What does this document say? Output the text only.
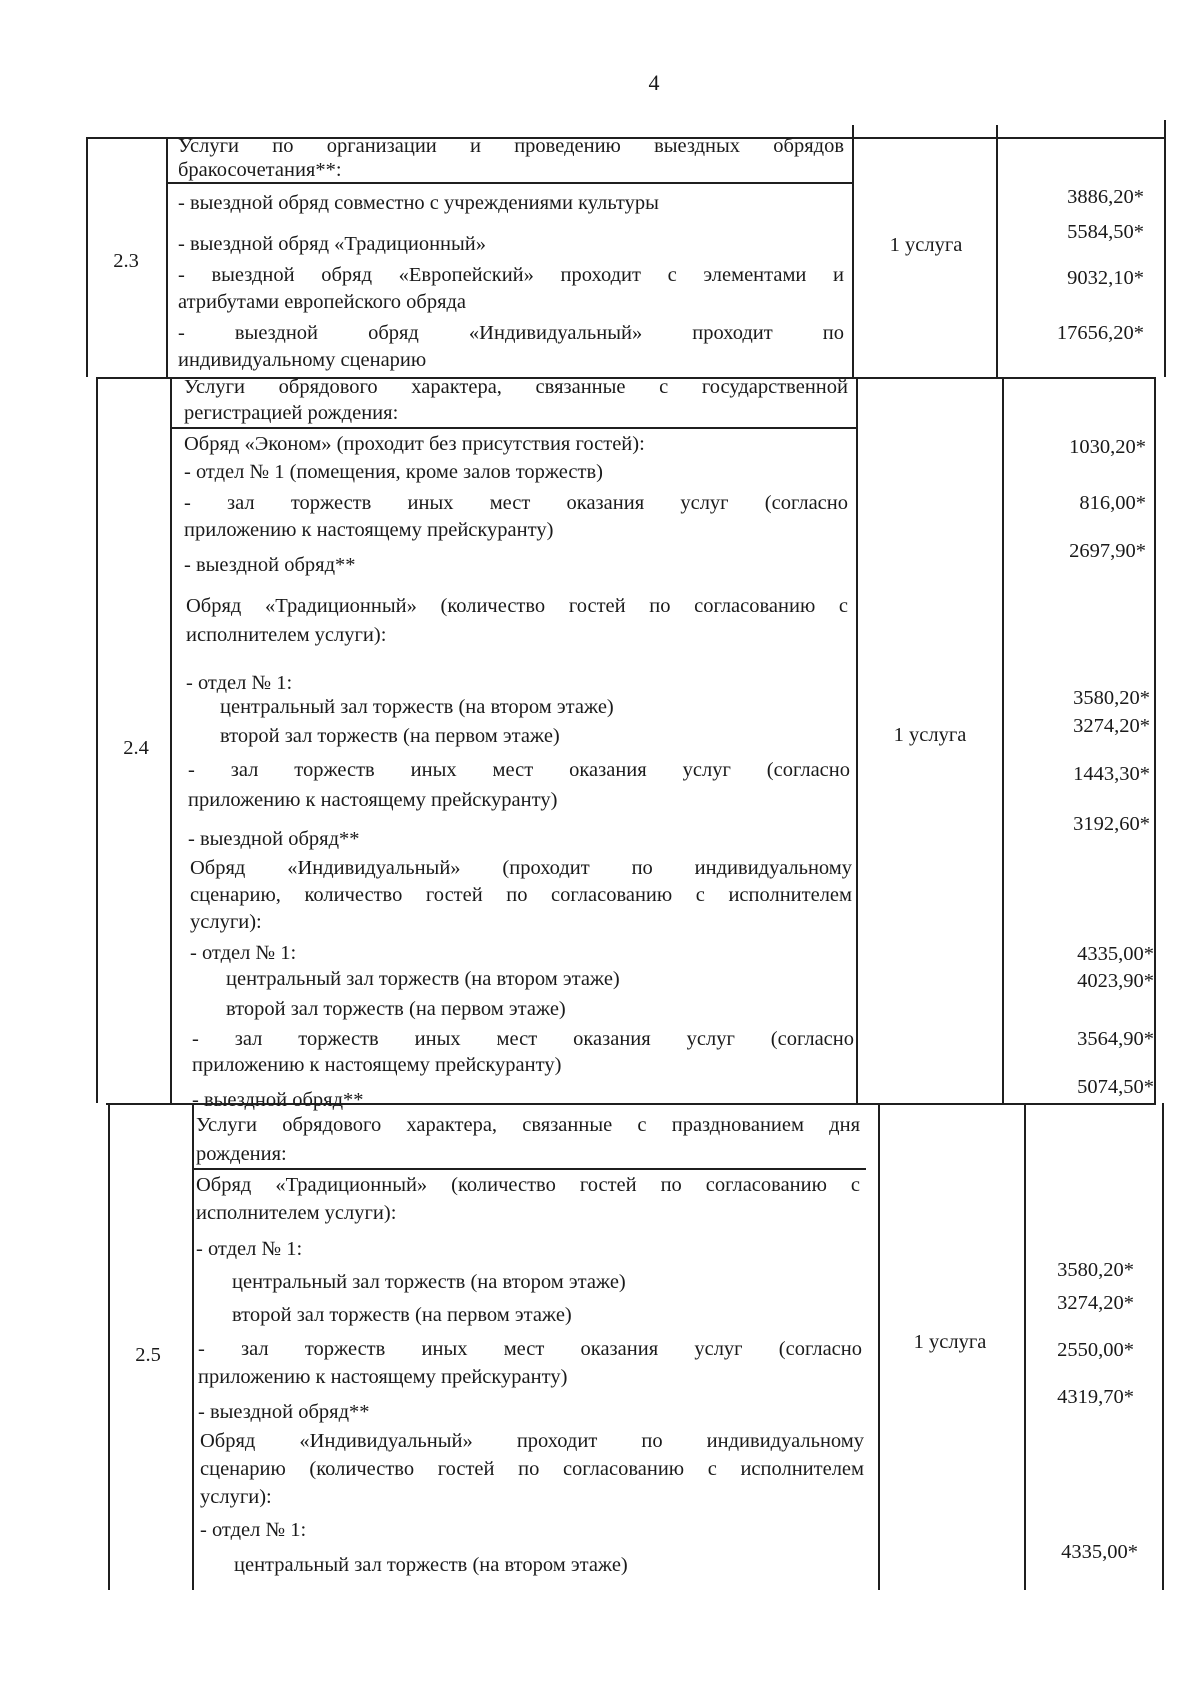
4
2.3
1 услуга
Услуги по организации и проведению выездных обрядов
бракосочетания**:
- выездной обряд совместно с учреждениями культуры
- выездной обряд «Традиционный»
- выездной обряд «Европейский» проходит с элементами и
атрибутами европейского обряда
- выездной обряд «Индивидуальный» проходит по
индивидуальному сценарию
3886,20*
5584,50*
9032,10*
17656,20*
2.4
1 услуга
Услуги обрядового характера, связанные с государственной
регистрацией рождения:
Обряд «Эконом» (проходит без присутствия гостей):
- отдел № 1 (помещения, кроме залов торжеств)
- зал торжеств иных мест оказания услуг (согласно
приложению к настоящему прейскуранту)
- выездной обряд**
Обряд «Традиционный» (количество гостей по согласованию с
исполнителем услуги):
- отдел № 1:
центральный зал торжеств (на втором этаже)
второй зал торжеств (на первом этаже)
- зал торжеств иных мест оказания услуг (согласно
приложению к настоящему прейскуранту)
- выездной обряд**
Обряд «Индивидуальный» (проходит по индивидуальному
сценарию, количество гостей по согласованию с исполнителем
услуги):
- отдел № 1:
центральный зал торжеств (на втором этаже)
второй зал торжеств (на первом этаже)
- зал торжеств иных мест оказания услуг (согласно
приложению к настоящему прейскуранту)
- выездной обряд**
1030,20*
816,00*
2697,90*
3580,20*
3274,20*
1443,30*
3192,60*
4335,00*
4023,90*
3564,90*
5074,50*
2.5
1 услуга
Услуги обрядового характера, связанные с празднованием дня
рождения:
Обряд «Традиционный» (количество гостей по согласованию с
исполнителем услуги):
- отдел № 1:
центральный зал торжеств (на втором этаже)
второй зал торжеств (на первом этаже)
- зал торжеств иных мест оказания услуг (согласно
приложению к настоящему прейскуранту)
- выездной обряд**
Обряд «Индивидуальный» проходит по индивидуальному
сценарию (количество гостей по согласованию с исполнителем
услуги):
- отдел № 1:
центральный зал торжеств (на втором этаже)
3580,20*
3274,20*
2550,00*
4319,70*
4335,00*
